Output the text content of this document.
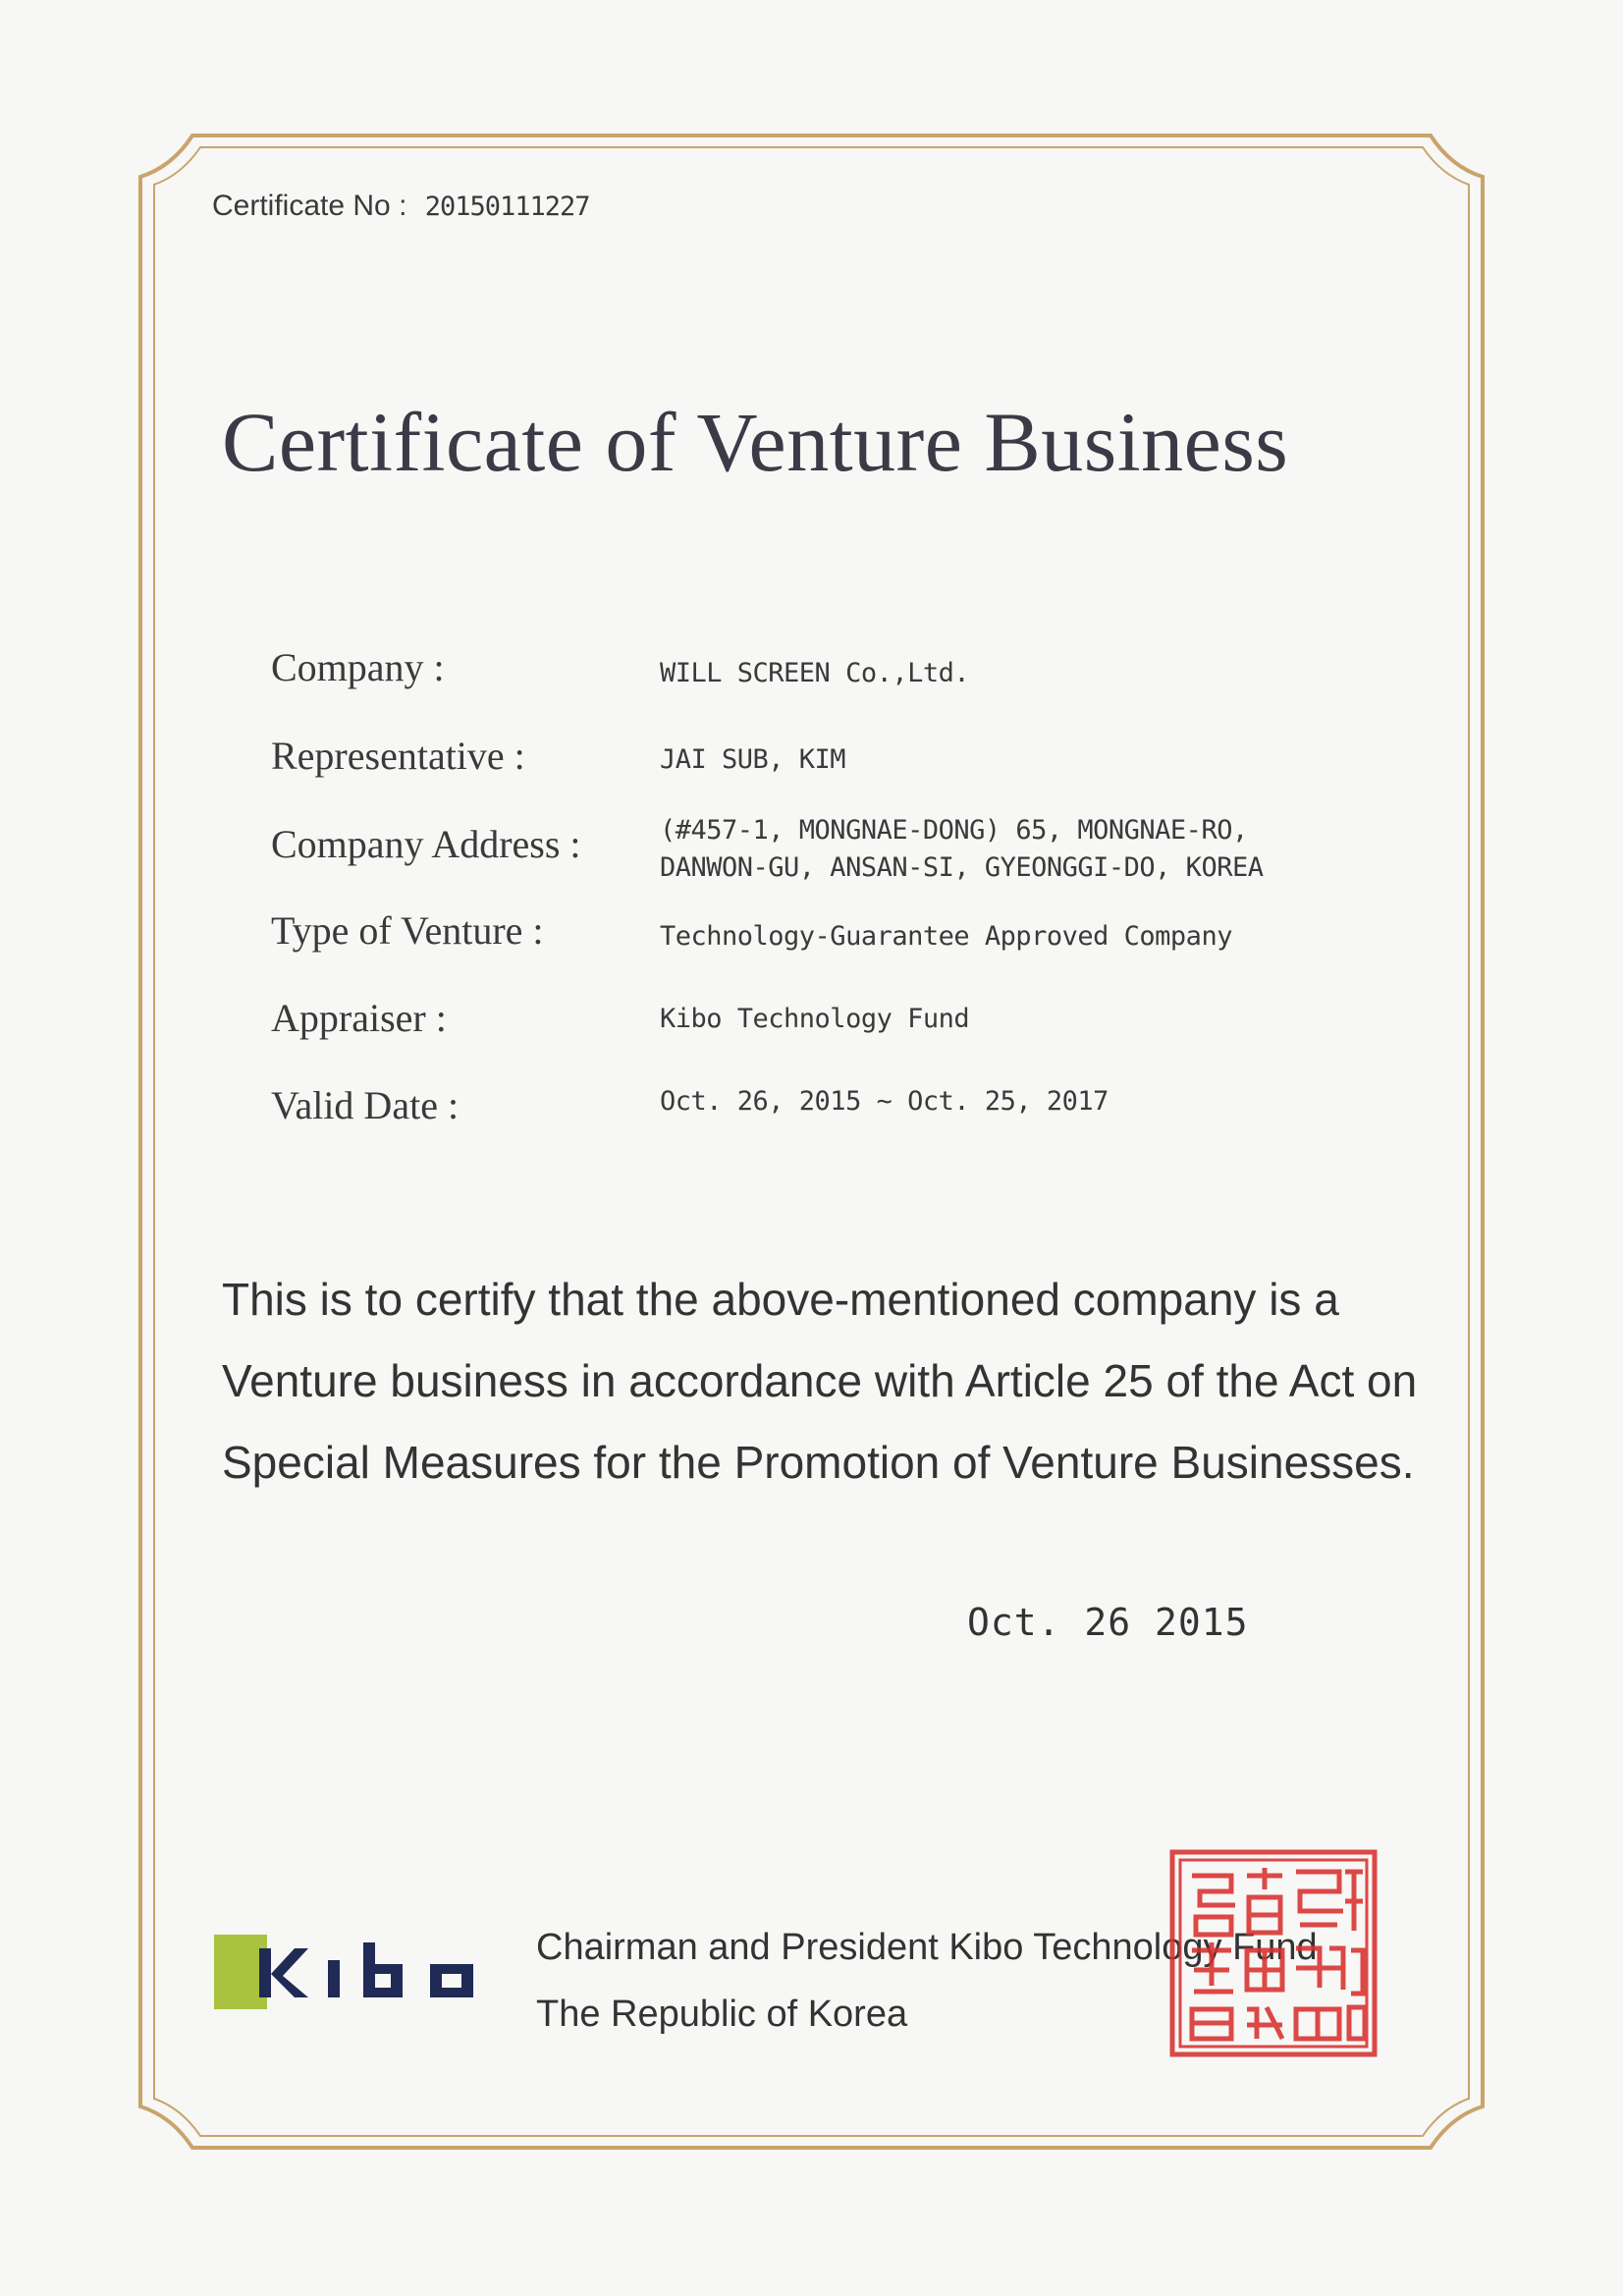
Certificate No : 20150111227
Certificate of Venture Business
Company :	WILL SCREEN Co.,Ltd.
Representative :	JAI SUB, KIM
Company Address :	(#457-1, MONGNAE-DONG) 65, MONGNAE-RO,
DANWON-GU, ANSAN-SI, GYEONGGI-DO, KOREA
Type of Venture :	Technology-Guarantee Approved Company
Appraiser :	Kibo Technology Fund
Valid Date :	Oct. 26, 2015 ~ Oct. 25, 2017
This is to certify that the above-mentioned company is a Venture business in accordance with Article 25 of the Act on Special Measures for the Promotion of Venture Businesses.
Oct. 26 2015
Chairman and President Kibo Technology Fund
The Republic of Korea
